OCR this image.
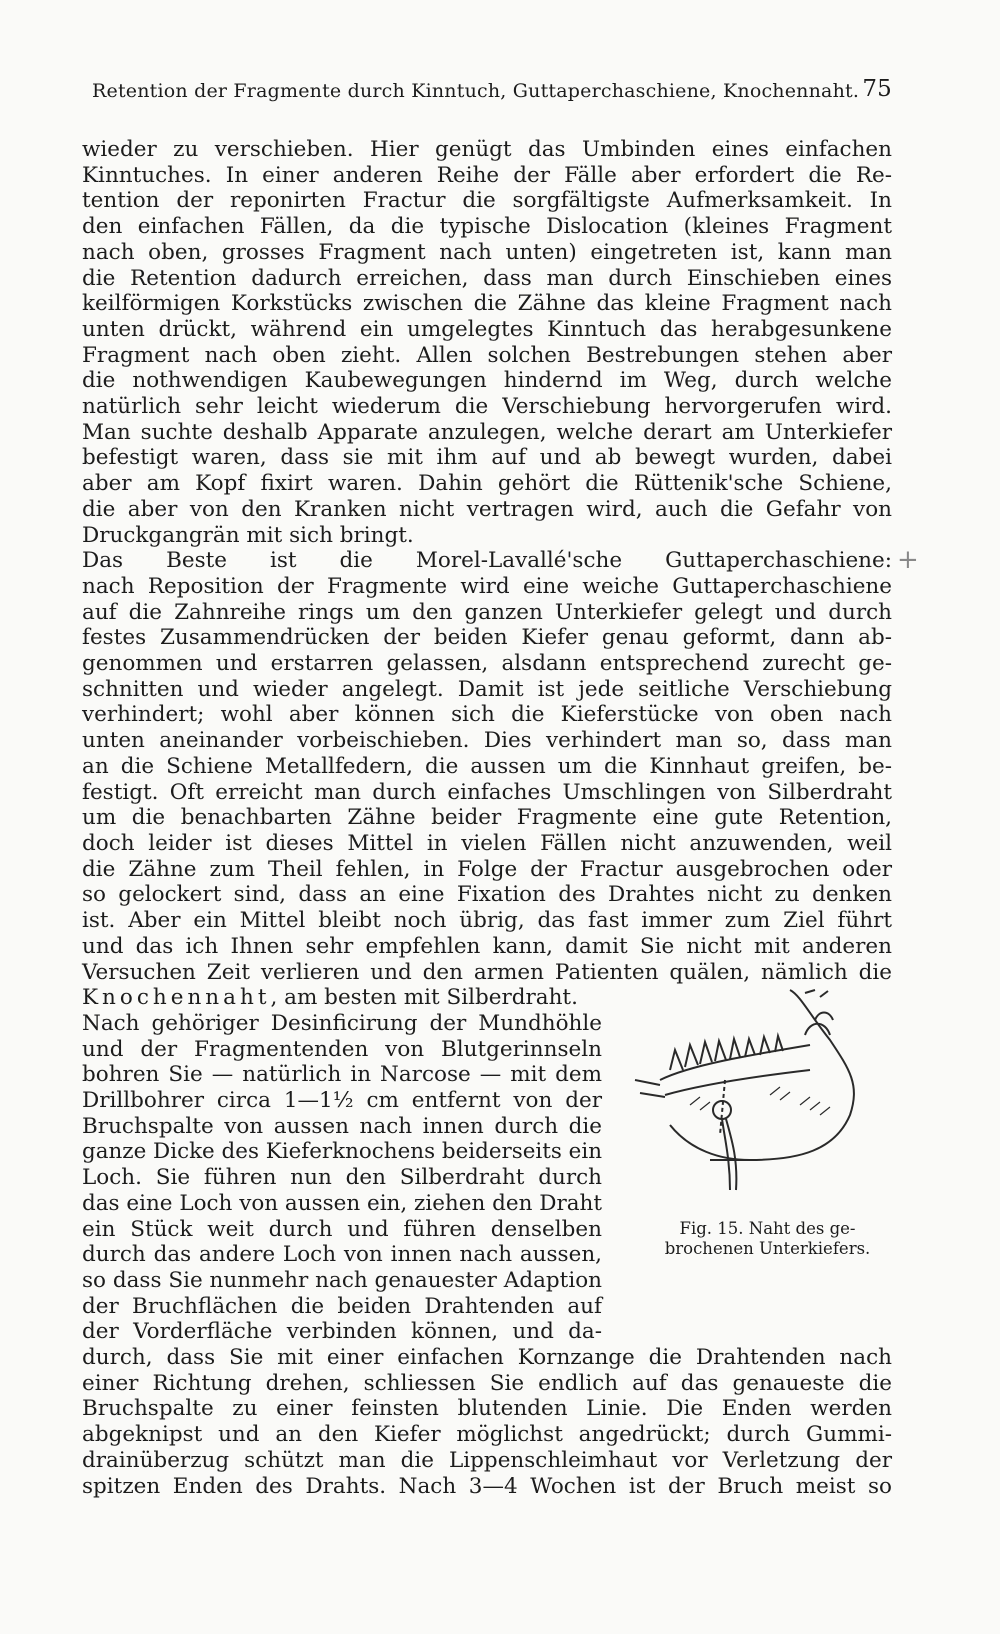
Retention der Fragmente durch Kinntuch, Guttaperchaschiene, Knochennaht. 75
+
wieder zu verschieben. Hier genügt das Umbinden eines einfachen
Kinntuches. In einer anderen Reihe der Fälle aber erfordert die Re-
tention der reponirten Fractur die sorgfältigste Aufmerksamkeit. In
den einfachen Fällen, da die typische Dislocation (kleines Fragment
nach oben, grosses Fragment nach unten) eingetreten ist, kann man
die Retention dadurch erreichen, dass man durch Einschieben eines
keilförmigen Korkstücks zwischen die Zähne das kleine Fragment nach
unten drückt, während ein umgelegtes Kinntuch das herabgesunkene
Fragment nach oben zieht. Allen solchen Bestrebungen stehen aber
die nothwendigen Kaubewegungen hindernd im Weg, durch welche
natürlich sehr leicht wiederum die Verschiebung hervorgerufen wird.
Man suchte deshalb Apparate anzulegen, welche derart am Unterkiefer
befestigt waren, dass sie mit ihm auf und ab bewegt wurden, dabei
aber am Kopf fixirt waren. Dahin gehört die Rüttenik'sche Schiene,
die aber von den Kranken nicht vertragen wird, auch die Gefahr von
Druckgangrän mit sich bringt.
Das Beste ist die Morel-Lavallé'sche Guttaperchaschiene:
nach Reposition der Fragmente wird eine weiche Guttaperchaschiene
auf die Zahnreihe rings um den ganzen Unterkiefer gelegt und durch
festes Zusammendrücken der beiden Kiefer genau geformt, dann ab-
genommen und erstarren gelassen, alsdann entsprechend zurecht ge-
schnitten und wieder angelegt. Damit ist jede seitliche Verschiebung
verhindert; wohl aber können sich die Kieferstücke von oben nach
unten aneinander vorbeischieben. Dies verhindert man so, dass man
an die Schiene Metallfedern, die aussen um die Kinnhaut greifen, be-
festigt. Oft erreicht man durch einfaches Umschlingen von Silberdraht
um die benachbarten Zähne beider Fragmente eine gute Retention,
doch leider ist dieses Mittel in vielen Fällen nicht anzuwenden, weil
die Zähne zum Theil fehlen, in Folge der Fractur ausgebrochen oder
so gelockert sind, dass an eine Fixation des Drahtes nicht zu denken
ist. Aber ein Mittel bleibt noch übrig, das fast immer zum Ziel führt
und das ich Ihnen sehr empfehlen kann, damit Sie nicht mit anderen
Versuchen Zeit verlieren und den armen Patienten quälen, nämlich die
Knochennaht, am besten mit Silberdraht.
Nach gehöriger Desinficirung der Mundhöhle
und der Fragmentenden von Blutgerinnseln
bohren Sie — natürlich in Narcose — mit dem
Drillbohrer circa 1—1½ cm entfernt von der
Bruchspalte von aussen nach innen durch die
ganze Dicke des Kieferknochens beiderseits ein
Loch. Sie führen nun den Silberdraht durch
das eine Loch von aussen ein, ziehen den Draht
ein Stück weit durch und führen denselben
durch das andere Loch von innen nach aussen,
so dass Sie nunmehr nach genauester Adaption
der Bruchflächen die beiden Drahtenden auf
der Vorderfläche verbinden können, und da-
durch, dass Sie mit einer einfachen Kornzange die Drahtenden nach
einer Richtung drehen, schliessen Sie endlich auf das genaueste die
Bruchspalte zu einer feinsten blutenden Linie. Die Enden werden
abgeknipst und an den Kiefer möglichst angedrückt; durch Gummi-
drainüberzug schützt man die Lippenschleimhaut vor Verletzung der
spitzen Enden des Drahts. Nach 3—4 Wochen ist der Bruch meist so
Fig. 15. Naht des ge-
brochenen Unterkiefers.
